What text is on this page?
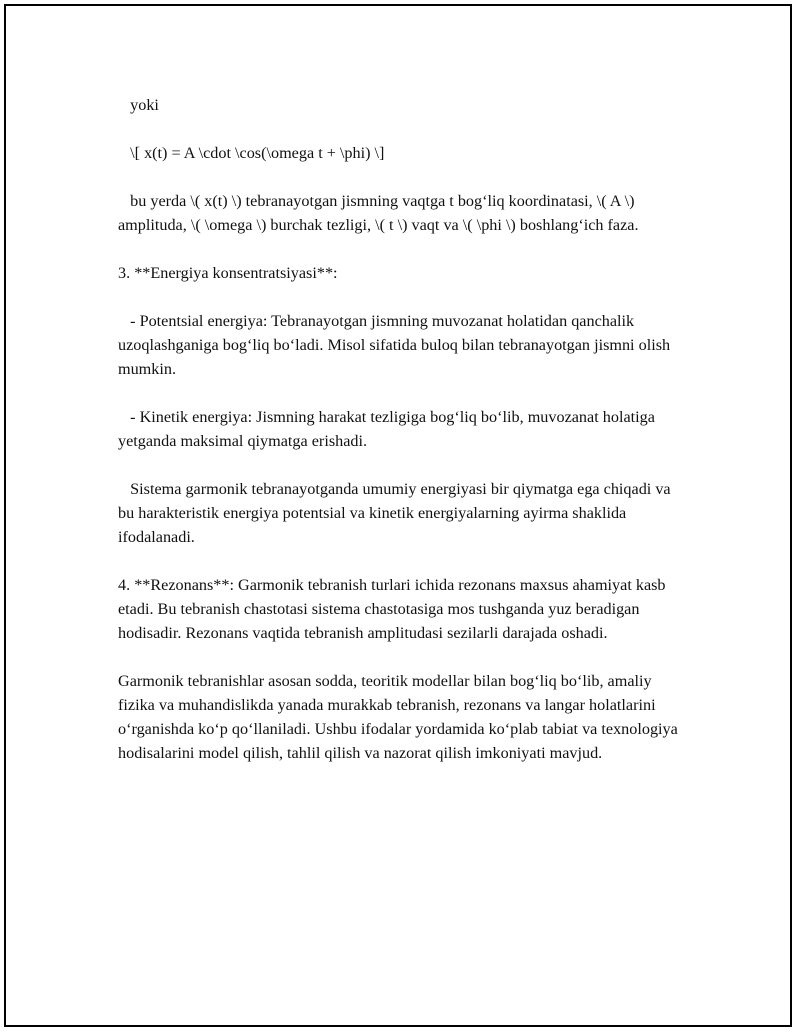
yoki

\[ x(t) = A \cdot \cos(\omega t + \phi) \]

bu yerda \( x(t) \) tebranayotgan jismning vaqtga t bog‘liq koordinatasi, \( A \) amplituda, \( \omega \) burchak tezligi, \( t \) vaqt va \( \phi \) boshlang‘ich faza.

3. **Energiya konsentratsiyasi**:

- Potentsial energiya: Tebranayotgan jismning muvozanat holatidan qanchalik uzoqlashganiga bog‘liq bo‘ladi. Misol sifatida buloq bilan tebranayotgan jismni olish mumkin.

- Kinetik energiya: Jismning harakat tezligiga bog‘liq bo‘lib, muvozanat holatiga yetganda maksimal qiymatga erishadi.

Sistema garmonik tebranayotganda umumiy energiyasi bir qiymatga ega chiqadi va bu harakteristik energiya potentsial va kinetik energiyalarning ayirma shaklida ifodalanadi.

4. **Rezonans**: Garmonik tebranish turlari ichida rezonans maxsus ahamiyat kasb etadi. Bu tebranish chastotasi sistema chastotasiga mos tushganda yuz beradigan hodisadir. Rezonans vaqtida tebranish amplitudasi sezilarli darajada oshadi.

Garmonik tebranishlar asosan sodda, teoritik modellar bilan bog‘liq bo‘lib, amaliy fizika va muhandislikda yanada murakkab tebranish, rezonans va langar holatlarini o‘rganishda ko‘p qo‘llaniladi. Ushbu ifodalar yordamida ko‘plab tabiat va texnologiya hodisalarini model qilish, tahlil qilish va nazorat qilish imkoniyati mavjud.
